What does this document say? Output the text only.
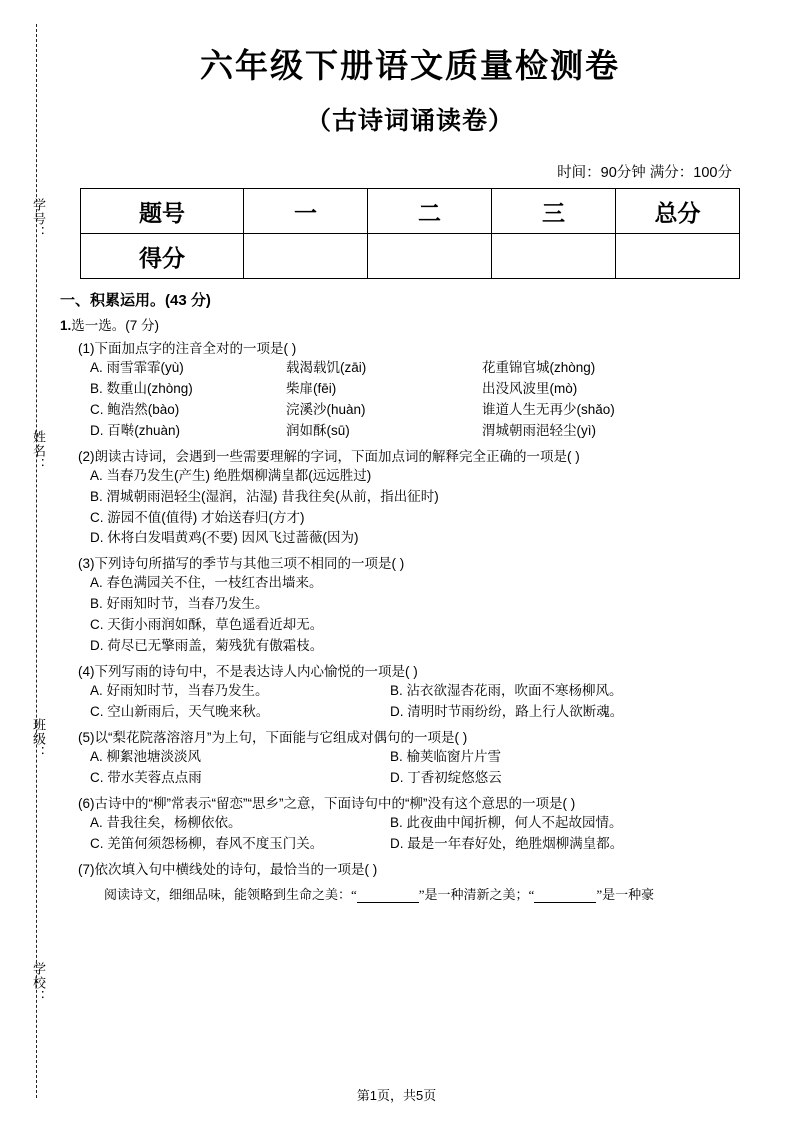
学号：
姓名：
班级：
学校：
六年级下册语文质量检测卷
（古诗词诵读卷）
时间：90分钟 满分：100分
题号	一	二	三	总分
得分				
一、积累运用。(43 分)
1.选一选。(7 分)
(1)下面加点字的注音全对的一项是( )
A. 雨雪霏霏(yù)	载渴载饥(zāi)	花重锦官城(zhòng)
B. 数重山(zhòng)	柴扉(fēi)	出没风波里(mò)
C. 鲍浩然(bào)	浣溪沙(huàn)	谁道人生无再少(shǎo)
D. 百啭(zhuàn)	润如酥(sū)	渭城朝雨浥轻尘(yì)
(2)朗读古诗词，会遇到一些需要理解的字词，下面加点词的解释完全正确的一项是( )
A. 当春乃发生(产生) 绝胜烟柳满皇都(远远胜过)
B. 渭城朝雨浥轻尘(湿润，沾湿) 昔我往矣(从前，指出征时)
C. 游园不值(值得) 才始送春归(方才)
D. 休将白发唱黄鸡(不要) 因风飞过蔷薇(因为)
(3)下列诗句所描写的季节与其他三项不相同的一项是( )
A. 春色满园关不住，一枝红杏出墙来。
B. 好雨知时节，当春乃发生。
C. 天街小雨润如酥，草色遥看近却无。
D. 荷尽已无擎雨盖，菊残犹有傲霜枝。
(4)下列写雨的诗句中，不是表达诗人内心愉悦的一项是( )
A. 好雨知时节，当春乃发生。	B. 沾衣欲湿杏花雨，吹面不寒杨柳风。
C. 空山新雨后，天气晚来秋。	D. 清明时节雨纷纷，路上行人欲断魂。
(5)以“梨花院落溶溶月”为上句，下面能与它组成对偶句的一项是( )
A. 柳絮池塘淡淡风	B. 榆荚临窗片片雪
C. 带水芙蓉点点雨	D. 丁香初绽悠悠云
(6)古诗中的“柳”常表示“留恋”“思乡”之意，下面诗句中的“柳”没有这个意思的一项是( )
A. 昔我往矣，杨柳依依。	B. 此夜曲中闻折柳，何人不起故园情。
C. 羌笛何须怨杨柳，春风不度玉门关。	D. 最是一年春好处，绝胜烟柳满皇都。
(7)依次填入句中横线处的诗句，最恰当的一项是( )
阅读诗文，细细品味，能领略到生命之美：“	”是一种清新之美；“	”是一种豪
第1页，共5页
